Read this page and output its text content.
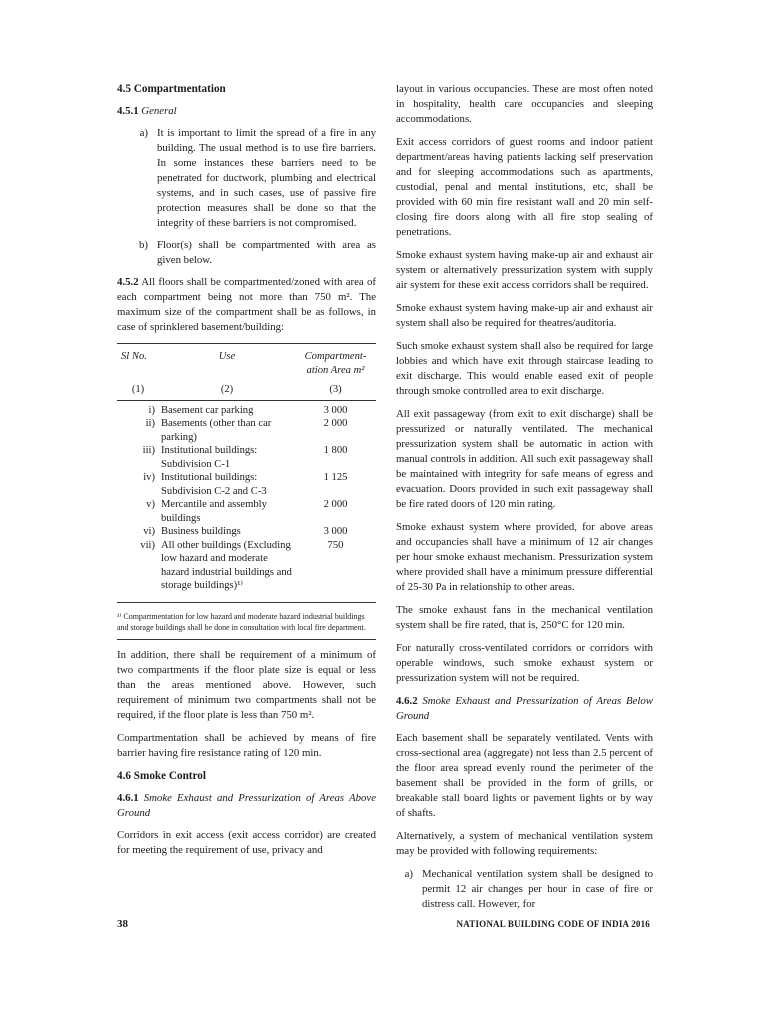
4.5 Compartmentation
4.5.1 General
a) It is important to limit the spread of a fire in any building. The usual method is to use fire barriers. In some instances these barriers need to be penetrated for ductwork, plumbing and electrical systems, and in such cases, use of passive fire protection measures shall be done so that the integrity of these barriers is not compromised.
b) Floor(s) shall be compartmented with area as given below.

4.5.2 All floors shall be compartmented/zoned with area of each compartment being not more than 750 m². The maximum size of the compartment shall be as follows, in case of sprinklered basement/building:

Sl No.	Use	Compartment-ation Area m²
(1)	(2)	(3)
i)	Basement car parking	3 000
ii)	Basements (other than car parking)	2 000
iii)	Institutional buildings: Subdivision C-1	1 800
iv)	Institutional buildings: Subdivision C-2 and C-3	1 125
v)	Mercantile and assembly buildings	2 000
vi)	Business buildings	3 000
vii)	All other buildings (Excluding low hazard and moderate hazard industrial buildings and storage buildings)¹⁾	750
¹⁾ Compartmentation for low hazard and moderate hazard industrial buildings and storage buildings shall be done in consultation with local fire department.

In addition, there shall be requirement of a minimum of two compartments if the floor plate size is equal or less than the areas mentioned above. However, such requirement of minimum two compartments shall not be required, if the floor plate is less than 750 m².

Compartmentation shall be achieved by means of fire barrier having fire resistance rating of 120 min.

4.6 Smoke Control
4.6.1 Smoke Exhaust and Pressurization of Areas Above Ground

Corridors in exit access (exit access corridor) are created for meeting the requirement of use, privacy and

layout in various occupancies. These are most often noted in hospitality, health care occupancies and sleeping accommodations.

Exit access corridors of guest rooms and indoor patient department/areas having patients lacking self preservation and for sleeping accommodations such as apartments, custodial, penal and mental institutions, etc, shall be provided with 60 min fire resistant wall and 20 min self-closing fire doors along with all fire stop sealing of penetrations.

Smoke exhaust system having make-up air and exhaust air system or alternatively pressurization system with supply air system for these exit access corridors shall be required.

Smoke exhaust system having make-up air and exhaust air system shall also be required for theatres/auditoria.

Such smoke exhaust system shall also be required for large lobbies and which have exit through staircase leading to exit discharge. This would enable eased exit of people through smoke controlled area to exit discharge.

All exit passageway (from exit to exit discharge) shall be pressurized or naturally ventilated. The mechanical pressurization system shall be automatic in action with manual controls in addition. All such exit passageway shall be maintained with integrity for safe means of egress and evacuation. Doors provided in such exit passageway shall be fire rated doors of 120 min rating.

Smoke exhaust system where provided, for above areas and occupancies shall have a minimum of 12 air changes per hour smoke exhaust mechanism. Pressurization system where provided shall have a minimum pressure differential of 25-30 Pa in relationship to other areas.

The smoke exhaust fans in the mechanical ventilation system shall be fire rated, that is, 250°C for 120 min.

For naturally cross-ventilated corridors or corridors with operable windows, such smoke exhaust system or pressurization system will not be required.

4.6.2 Smoke Exhaust and Pressurization of Areas Below Ground

Each basement shall be separately ventilated. Vents with cross-sectional area (aggregate) not less than 2.5 percent of the floor area spread evenly round the perimeter of the basement shall be provided in the form of grills, or breakable stall board lights or pavement lights or by way of shafts.

Alternatively, a system of mechanical ventilation system may be provided with following requirements:

a) Mechanical ventilation system shall be designed to permit 12 air changes per hour in case of fire or distress call. However, for
38	NATIONAL BUILDING CODE OF INDIA 2016
